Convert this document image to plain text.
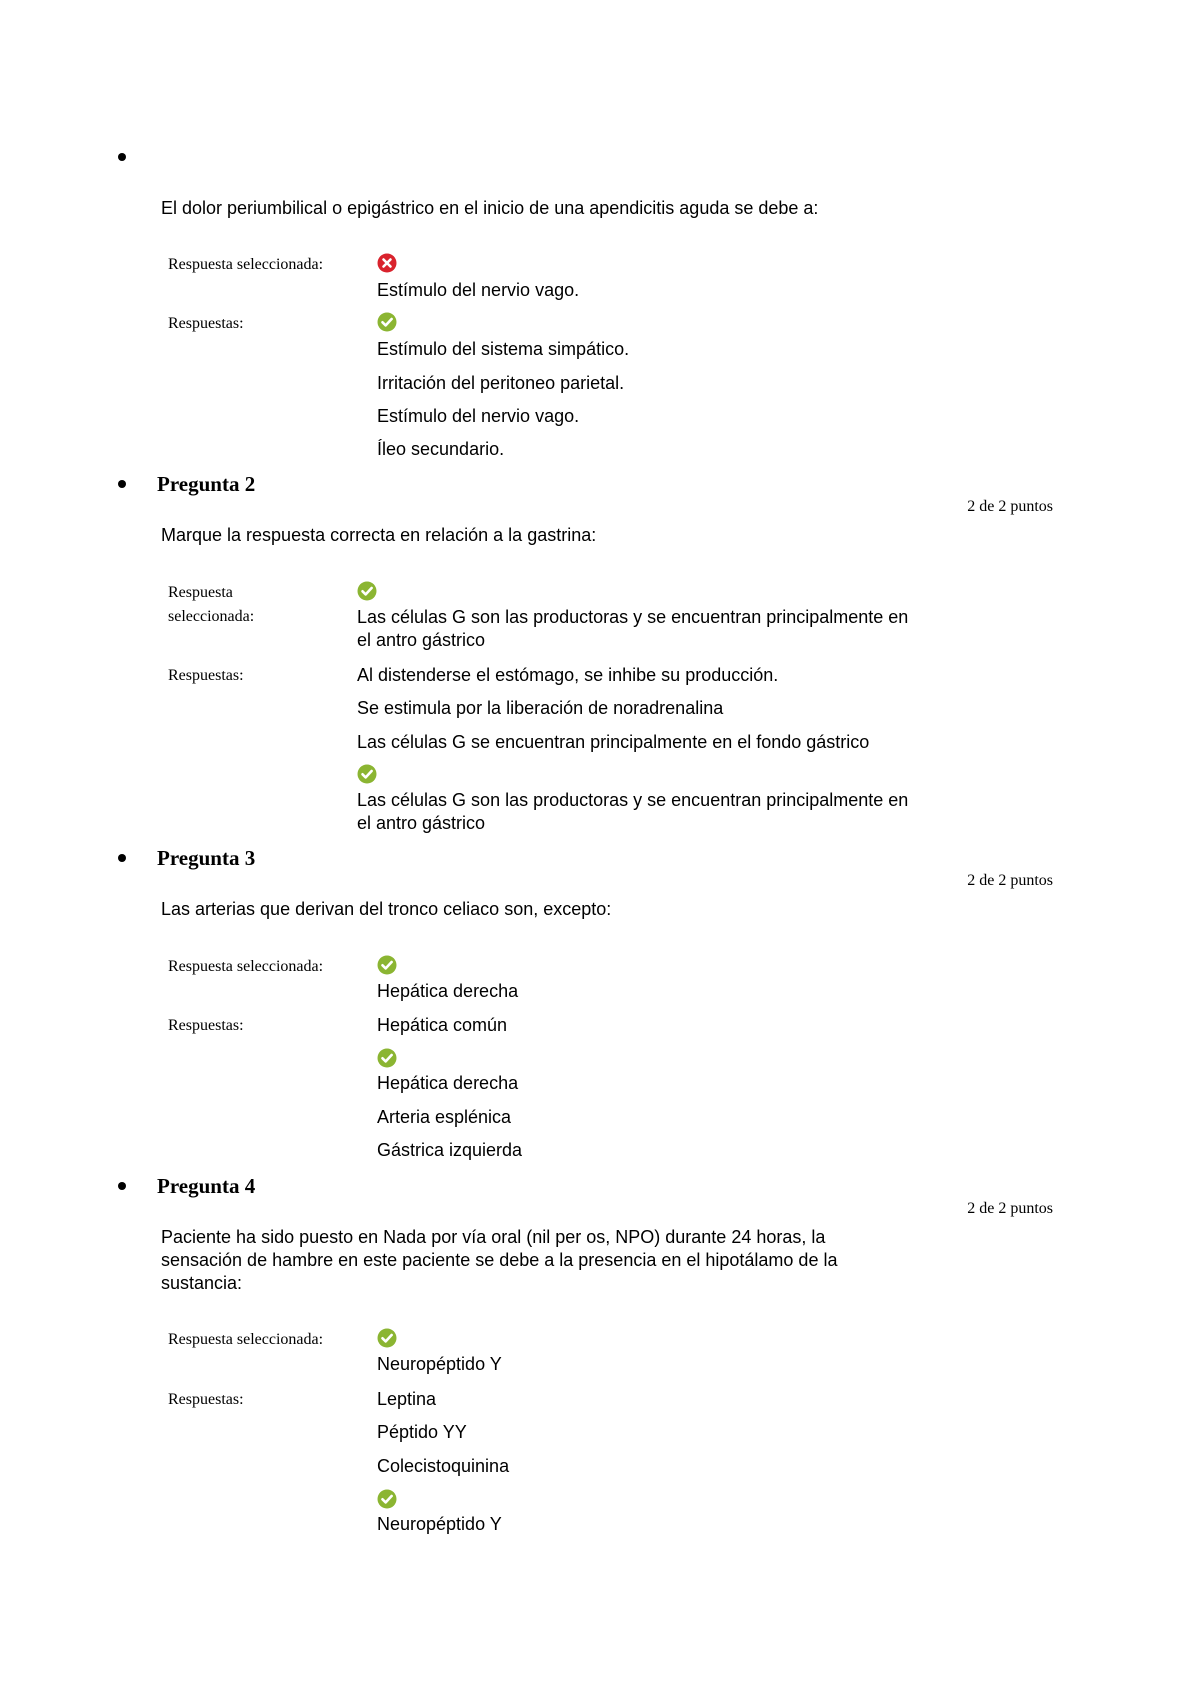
El dolor periumbilical o epigástrico en el inicio de una apendicitis aguda se debe a:
Respuesta seleccionada:
Estímulo del nervio vago.
Respuestas:
Estímulo del sistema simpático.
Irritación del peritoneo parietal.
Estímulo del nervio vago.
Íleo secundario.
Pregunta 2
2 de 2 puntos
Marque la respuesta correcta en relación a la gastrina:
Respuesta
seleccionada:	Las células G son las productoras y se encuentran principalmente en
el antro gástrico
Respuestas:	Al distenderse el estómago, se inhibe su producción.
Se estimula por la liberación de noradrenalina
Las células G se encuentran principalmente en el fondo gástrico
Las células G son las productoras y se encuentran principalmente en
el antro gástrico
Pregunta 3
2 de 2 puntos
Las arterias que derivan del tronco celiaco son, excepto:
Respuesta seleccionada:
Hepática derecha
Respuestas:	Hepática común
Hepática derecha
Arteria esplénica
Gástrica izquierda
Pregunta 4
2 de 2 puntos
Paciente ha sido puesto en Nada por vía oral (nil per os, NPO) durante 24 horas, la
sensación de hambre en este paciente se debe a la presencia en el hipotálamo de la
sustancia:
Respuesta seleccionada:
Neuropéptido Y
Respuestas:	Leptina
Péptido YY
Colecistoquinina
Neuropéptido Y
